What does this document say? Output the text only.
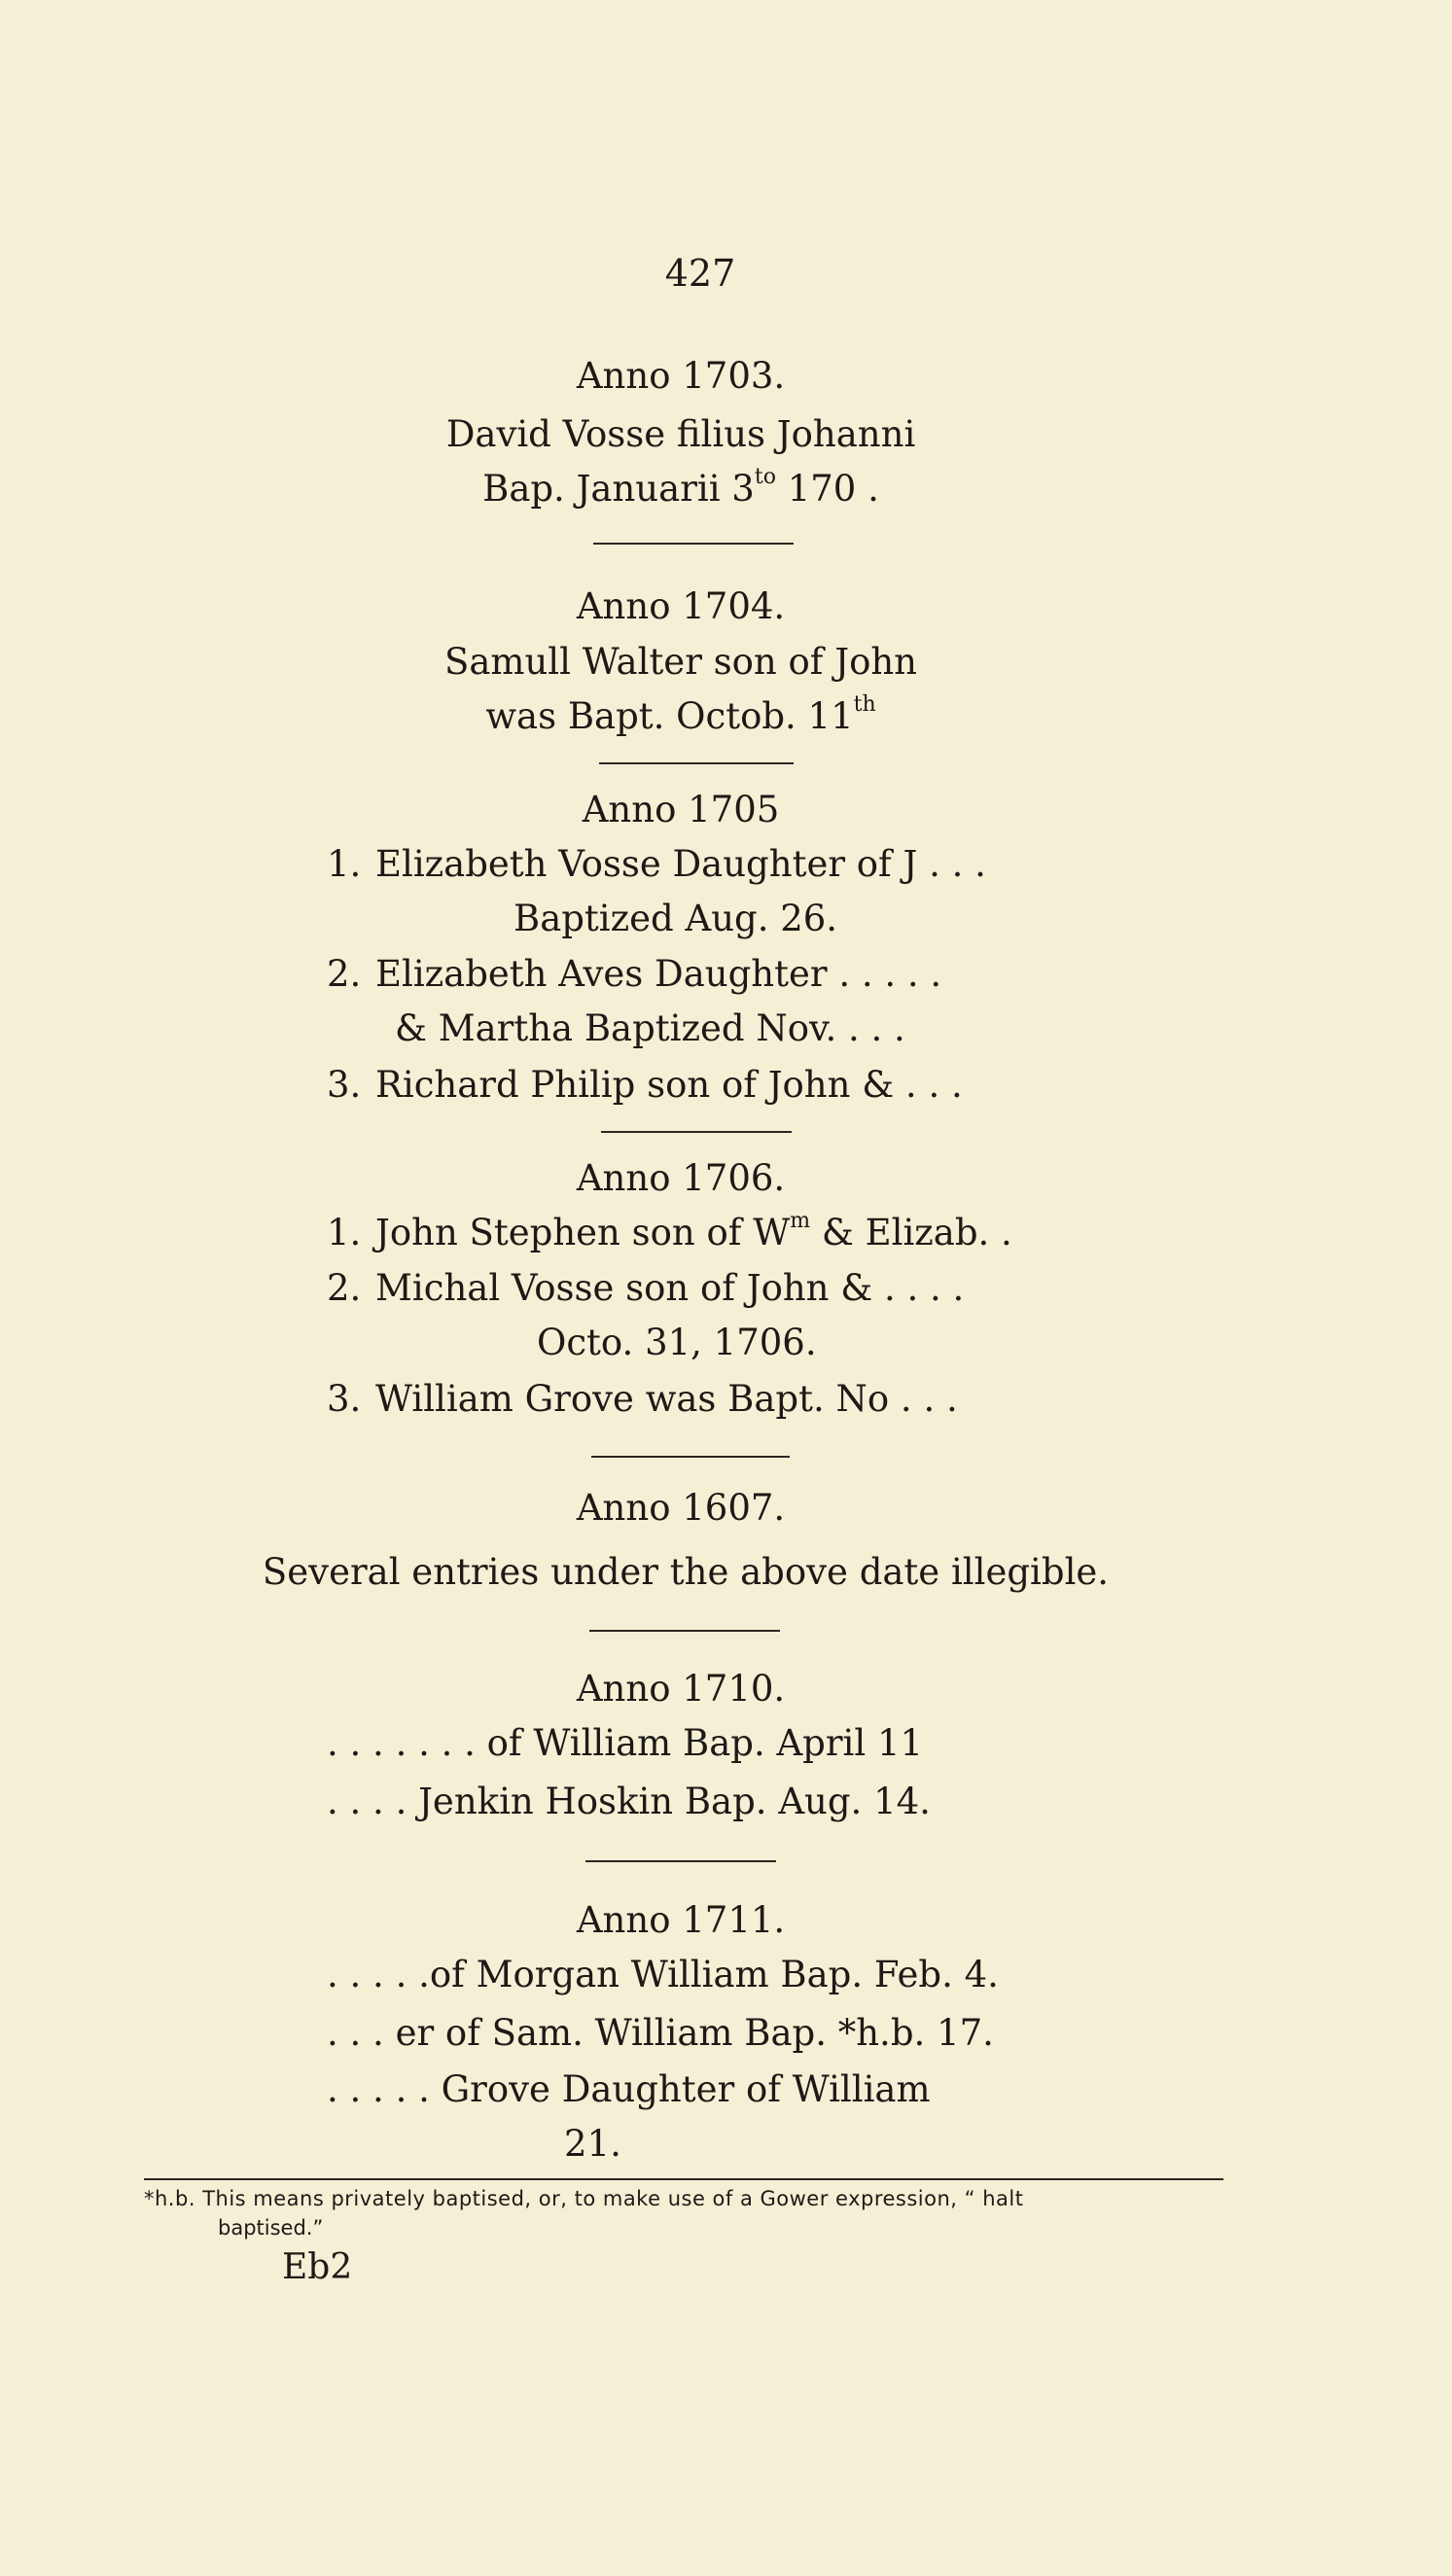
427
Anno 1703.
David Vosse filius Johanni
Bap. Januarii $3^{to}$ 170 .
Anno 1704.
Samull Walter son of John
was Bapt. Octob. 11th
Anno 1705
1. Elizabeth Vosse Daughter of J . . .
Baptized Aug. 26.
2. Elizabeth Aves Daughter . . . . .
& Martha Baptized Nov. . . .
3. Richard Philip son of John & . . .
Anno 1706.
1. John Stephen son of $W^m$ & Elizab. .
2. Michal Vosse son of John & . . . .
Octo. 31, 1706.
3. William Grove was Bapt. No . . .
Anno 1607.
Several entries under the above date illegible.
Anno 1710.
. . . . . . . of William Bap. April 11
. . . . Jenkin Hoskin Bap. Aug. 14.
Anno 1711.
. . . . .of Morgan William Bap. Feb. 4.
. . . er of Sam. William Bap. *h.b. 17.
. . . . . Grove Daughter of William
21.
*h.b. This means privately baptised, or, to make use of a Gower expression, “ halt
baptised.”
Eb2
